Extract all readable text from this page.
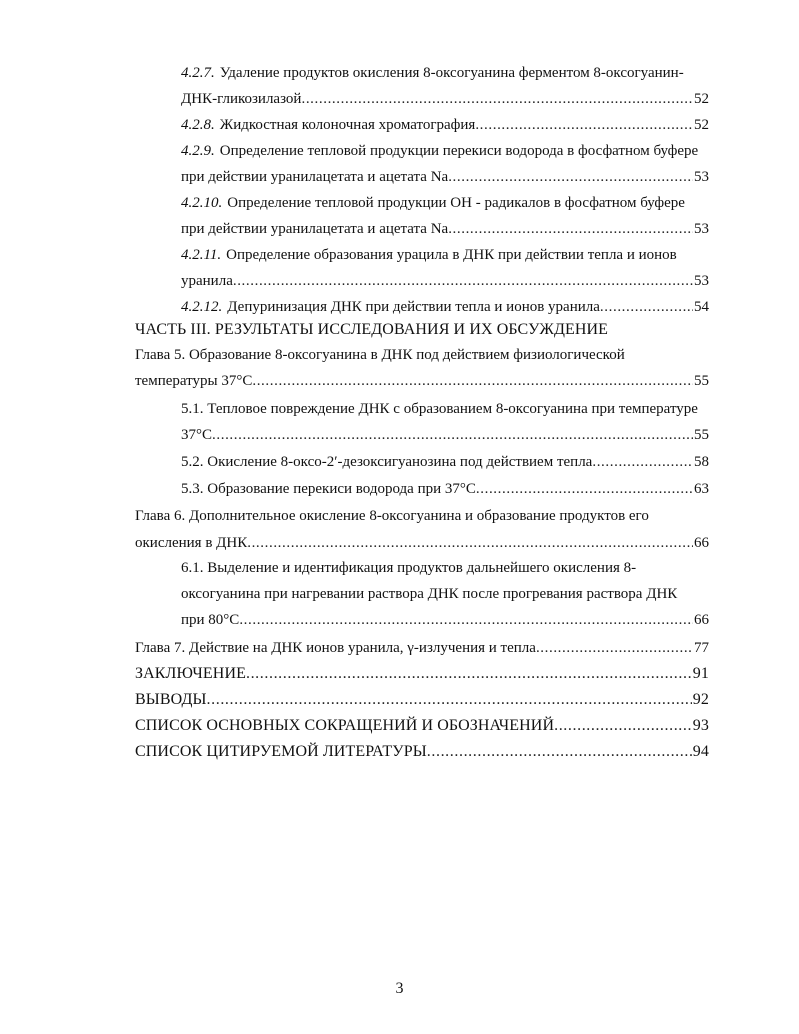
4.2.7. Удаление продуктов окисления 8-оксогуанина ферментом 8-оксогуанин-
ДНК-гликозилазой .....	52
4.2.8. Жидкостная колоночная хроматография .....	52
4.2.9. Определение тепловой продукции перекиси водорода в фосфатном буфере
при действии уранилацетата и ацетата Na .....	53
4.2.10. Определение тепловой продукции ОН - радикалов в фосфатном буфере
при действии уранилацетата и ацетата Na .....	53
4.2.11. Определение образования урацила в ДНК при действии тепла и ионов
уранила .....	53
4.2.12. Депуринизация ДНК при действии тепла и ионов уранила .....	54
ЧАСТЬ III. РЕЗУЛЬТАТЫ ИССЛЕДОВАНИЯ И ИХ ОБСУЖДЕНИЕ
Глава 5. Образование 8-оксогуанина в ДНК под действием физиологической
температуры 37°С .....	55
5.1. Тепловое повреждение ДНК с образованием 8-оксогуанина при температуре
37°С .....	55
5.2. Окисление 8-оксо-2′-дезоксигуанозина под действием тепла .....	58
5.3. Образование перекиси водорода при 37°С .....	63
Глава 6. Дополнительное окисление 8-оксогуанина и образование продуктов его
окисления в ДНК .....	66
6.1. Выделение и идентификация продуктов дальнейшего окисления 8-
оксогуанина при нагревании раствора ДНК после прогревания раствора ДНК
при 80°С .....	66
Глава 7. Действие на ДНК ионов уранила, γ-излучения и тепла .....	77
ЗАКЛЮЧЕНИЕ .....	91
ВЫВОДЫ .....	92
СПИСОК ОСНОВНЫХ СОКРАЩЕНИЙ И ОБОЗНАЧЕНИЙ .....	93
СПИСОК ЦИТИРУЕМОЙ ЛИТЕРАТУРЫ .....	94
3
